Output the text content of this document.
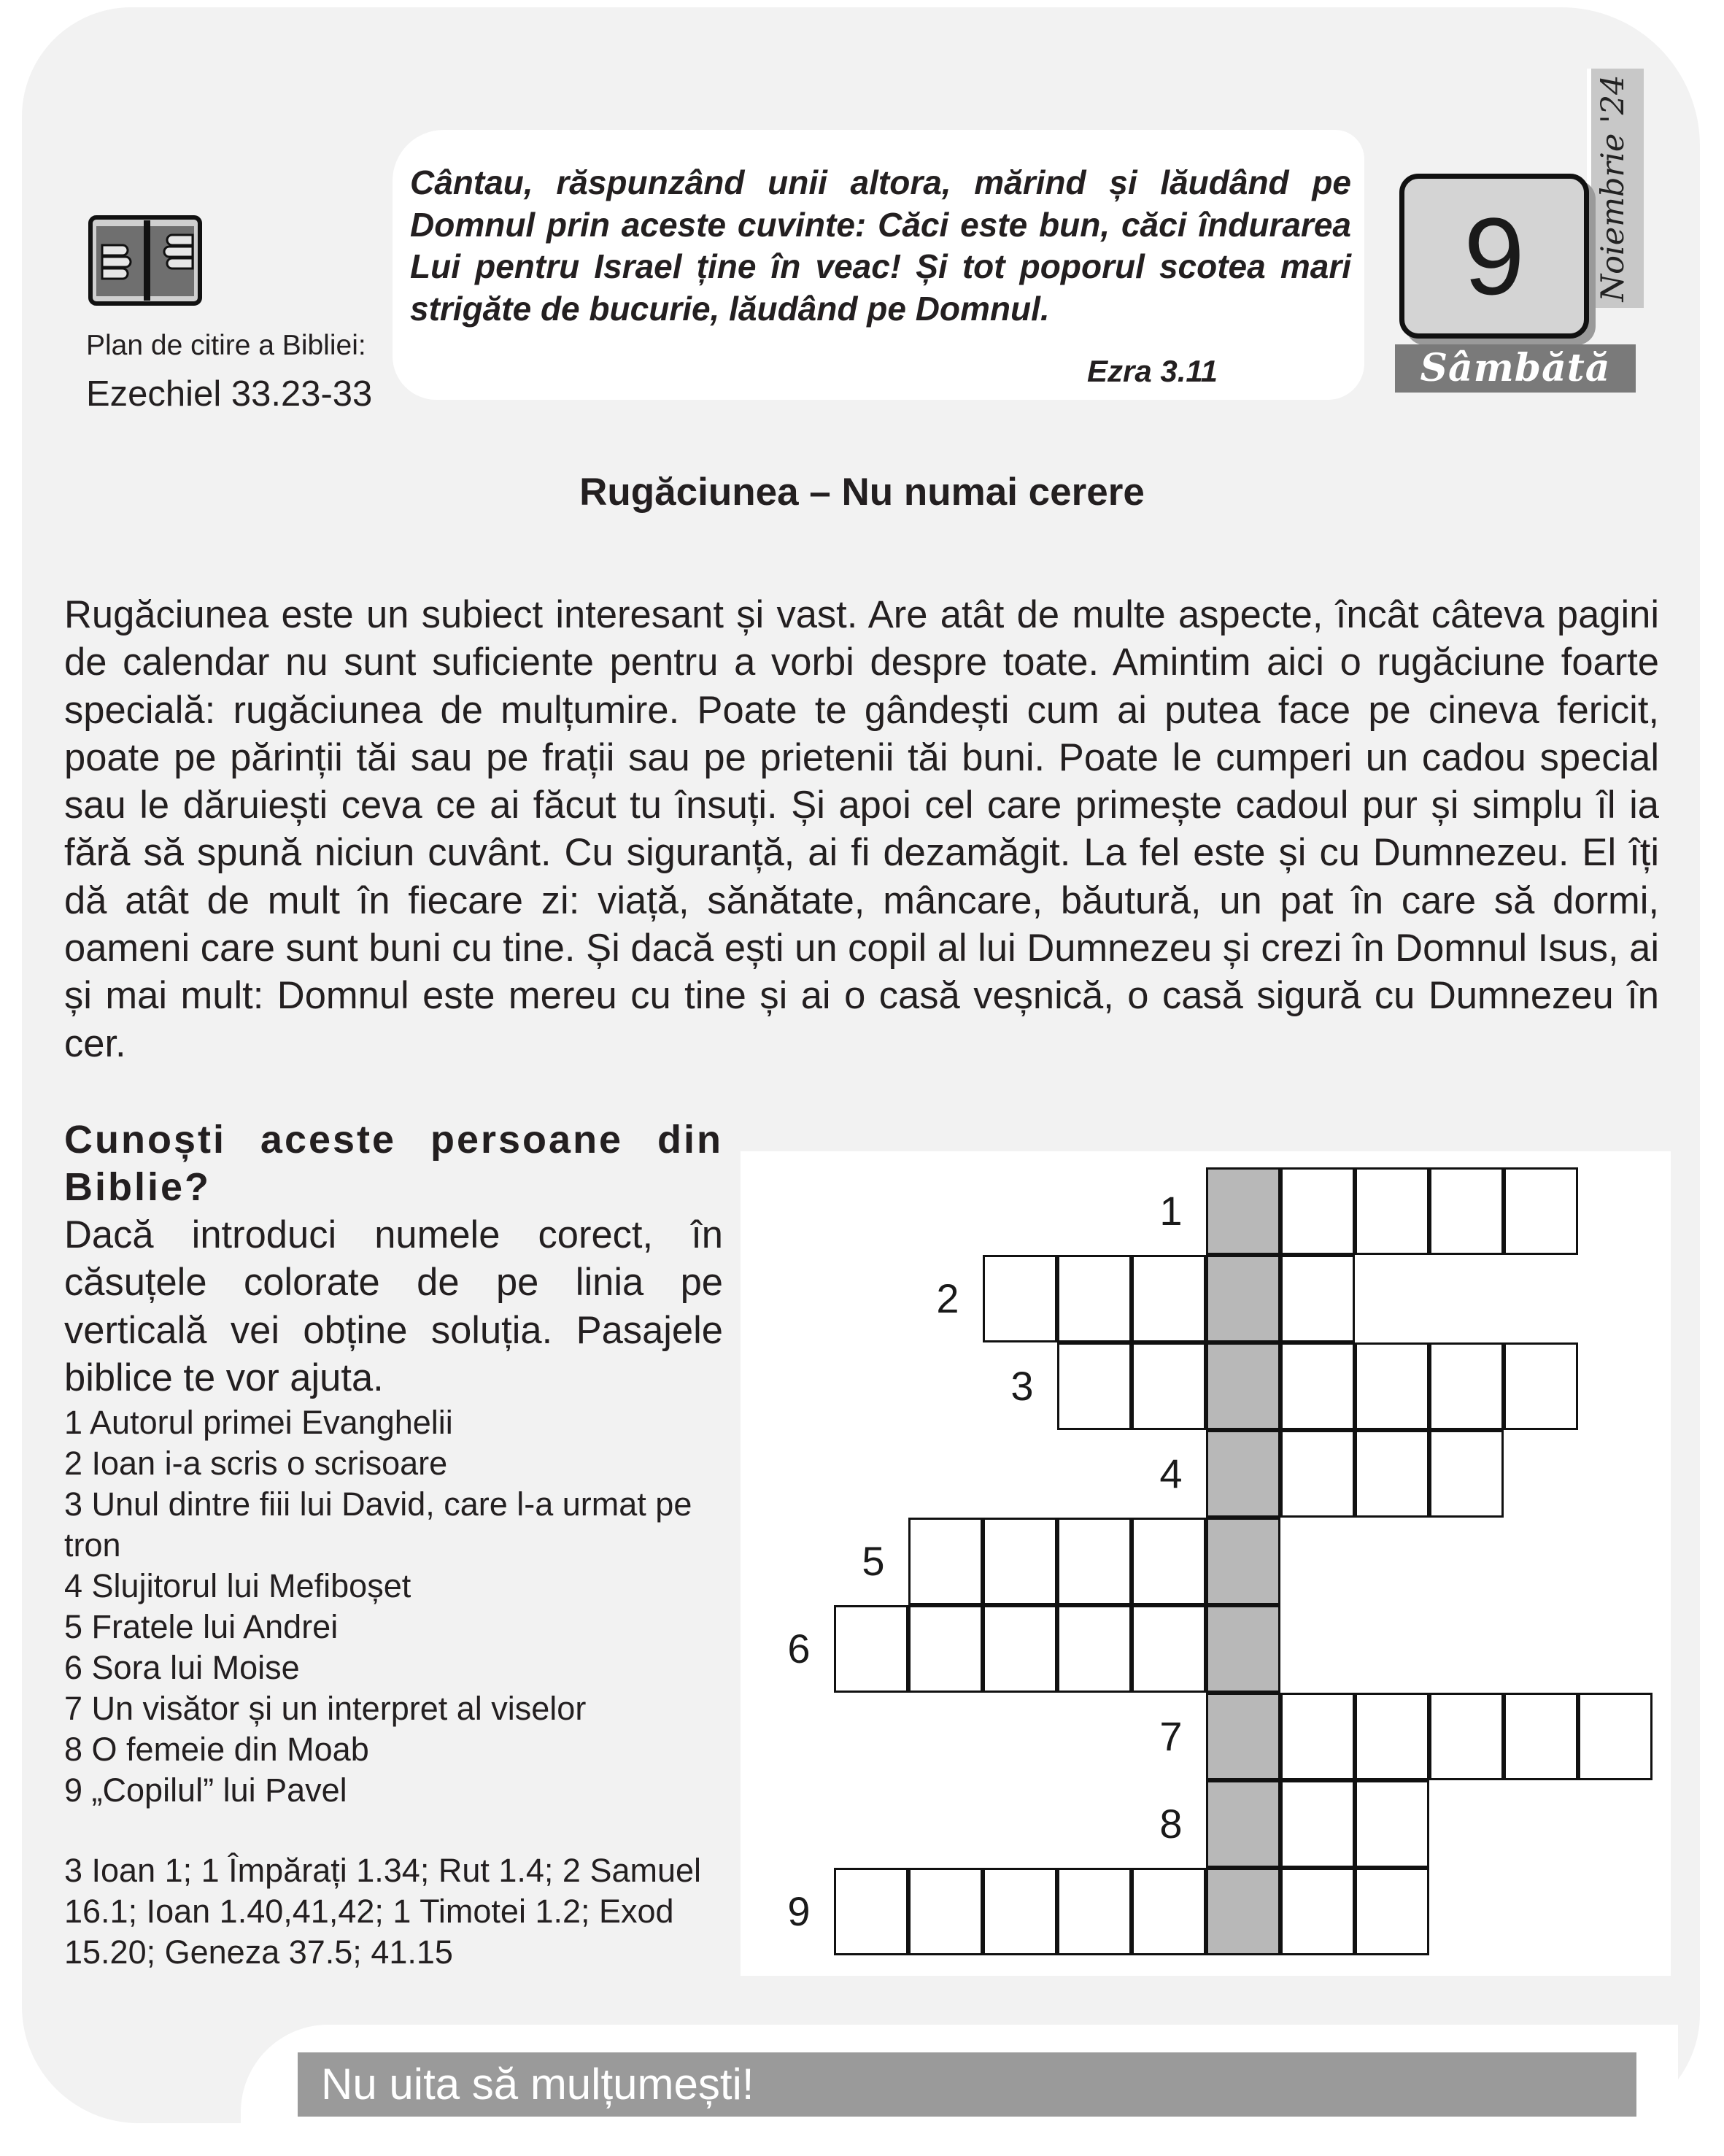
Plan de citire a Bibliei:
Ezechiel 33.23-33

Cântau, răspunzând unii altora, mărind și lăudând pe Domnul prin aceste cuvinte: Căci este bun, căci îndurarea Lui pentru Israel ține în veac! Și tot poporul scotea mari strigăte de bucurie, lăudând pe Domnul.

Ezra 3.11
Noiembrie '24
9
Sâmbătă
Rugăciunea – Nu numai cerere

Rugăciunea este un subiect interesant și vast. Are atât de multe aspecte, încât câteva pagini de calendar nu sunt suficiente pentru a vorbi despre toate. Amintim aici o rugăciune foarte specială: rugăciunea de mulțumire. Poate te gândești cum ai putea face pe cineva fericit, poate pe părinții tăi sau pe frații sau pe prietenii tăi buni. Poate le cumperi un cadou special sau le dăruiești ceva ce ai făcut tu însuți. Și apoi cel care primește cadoul pur și simplu îl ia fără să spună niciun cuvânt. Cu siguranță, ai fi dezamăgit. La fel este și cu Dumnezeu. El îți dă atât de mult în fiecare zi: viață, sănătate, mâncare, băutură, un pat în care să dormi, oameni care sunt buni cu tine. Și dacă ești un copil al lui Dumnezeu și crezi în Domnul Isus, ai și mai mult: Domnul este mereu cu tine și ai o casă veșnică, o casă sigură cu Dumnezeu în cer.

Cunoști aceste persoane din Biblie?

Dacă introduci numele corect, în căsuțele colorate de pe linia pe verticală vei obține soluția. Pasajele biblice te vor ajuta.

1 Autorul primei Evanghelii
2 Ioan i-a scris o scrisoare
3 Unul dintre fiii lui David, care l-a urmat pe tron
4 Slujitorul lui Mefiboșet
5 Fratele lui Andrei
6 Sora lui Moise
7 Un visător și un interpret al viselor
8 O femeie din Moab
9 „Copilul” lui Pavel

3 Ioan 1; 1 Împărați 1.34; Rut 1.4; 2 Samuel 16.1; Ioan 1.40,41,42; 1 Timotei 1.2; Exod 15.20; Geneza 37.5; 41.15

1
2
3
4
5
6
7
8
9
Nu uita să mulțumești!
